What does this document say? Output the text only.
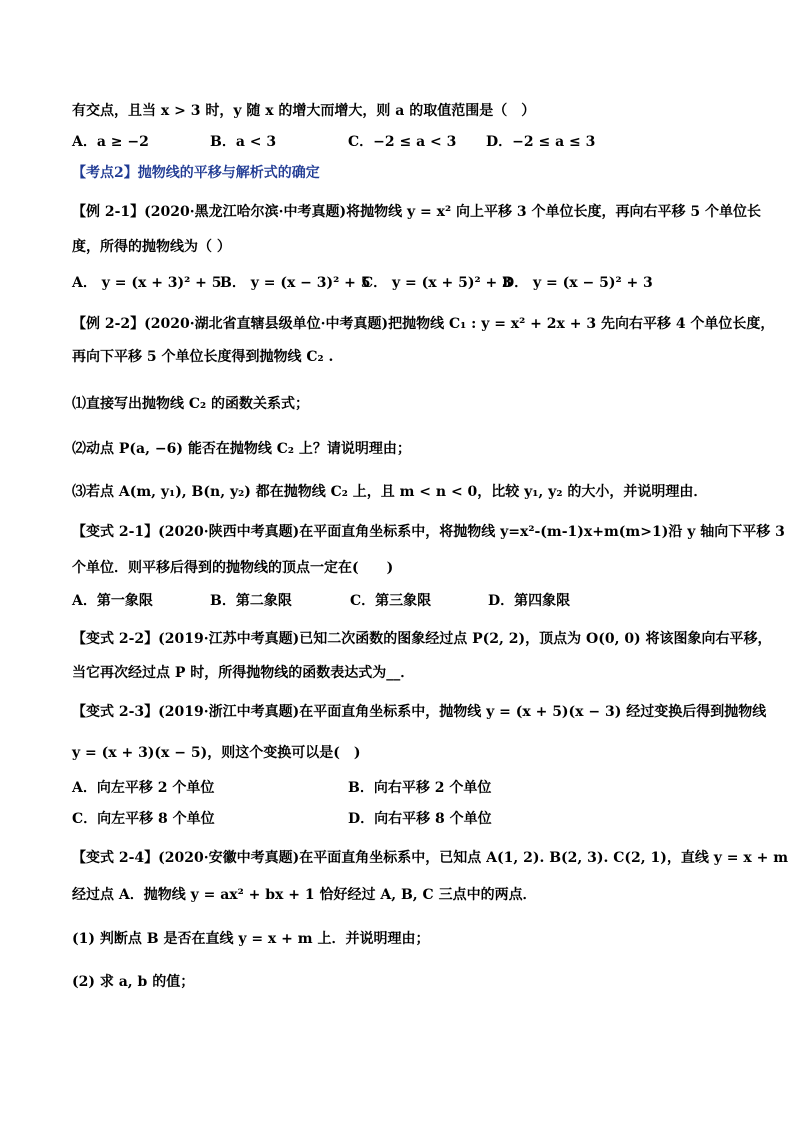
有交点，且当 x > 3 时，y 随 x 的增大而增大，则 a 的取值范围是（　）
A．a ≥ −2	B．a < 3	C．−2 ≤ a < 3 D．−2 ≤ a ≤ 3
【考点2】抛物线的平移与解析式的确定
【例 2-1】(2020·黑龙江哈尔滨·中考真题)将抛物线 y = x² 向上平移 3 个单位长度，再向右平移 5 个单位长
度，所得的抛物线为（ ）
A． y = (x + 3)² + 5
B． y = (x − 3)² + 5
C． y = (x + 5)² + 3
D． y = (x − 5)² + 3
【例 2-2】(2020·湖北省直辖县级单位·中考真题)把抛物线 C₁ : y = x² + 2x + 3 先向右平移 4 个单位长度，
再向下平移 5 个单位长度得到抛物线 C₂ .
⑴直接写出抛物线 C₂ 的函数关系式；
⑵动点 P(a, −6) 能否在抛物线 C₂ 上？请说明理由；
⑶若点 A(m, y₁), B(n, y₂) 都在抛物线 C₂ 上，且 m < n < 0，比较 y₁, y₂ 的大小，并说明理由．
【变式 2-1】(2020·陕西中考真题)在平面直角坐标系中，将抛物线 y=x²-(m-1)x+m(m>1)沿 y 轴向下平移 3
个单位．则平移后得到的抛物线的顶点一定在(　　)
A．第一象限	B．第二象限	C．第三象限	D．第四象限
【变式 2-2】(2019·江苏中考真题)已知二次函数的图象经过点 P(2, 2)，顶点为 O(0, 0) 将该图象向右平移，
当它再次经过点 P 时，所得抛物线的函数表达式为__．
【变式 2-3】(2019·浙江中考真题)在平面直角坐标系中，抛物线 y = (x + 5)(x − 3) 经过变换后得到抛物线
y = (x + 3)(x − 5)，则这个变换可以是(　)
A．向左平移 2 个单位	B．向右平移 2 个单位
C．向左平移 8 个单位	D．向右平移 8 个单位
【变式 2-4】(2020·安徽中考真题)在平面直角坐标系中，已知点 A(1, 2). B(2, 3). C(2, 1)，直线 y = x + m
经过点 A．抛物线 y = ax² + bx + 1 恰好经过 A, B, C 三点中的两点．
(1) 判断点 B 是否在直线 y = x + m 上．并说明理由；
(2) 求 a, b 的值；
